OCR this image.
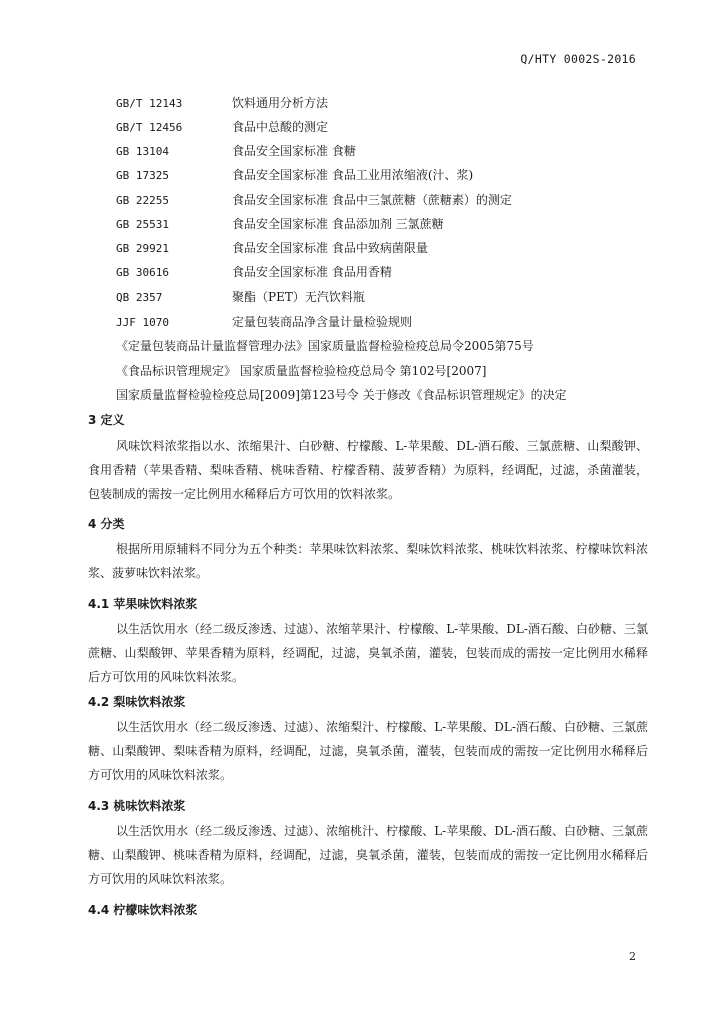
Q/HTY 0002S-2016
GB/T 12143	饮料通用分析方法
GB/T 12456	食品中总酸的测定
GB 13104	食品安全国家标准 食糖
GB 17325	食品安全国家标准 食品工业用浓缩液(汁、浆)
GB 22255	食品安全国家标准 食品中三氯蔗糖（蔗糖素）的测定
GB 25531	食品安全国家标准 食品添加剂 三氯蔗糖
GB 29921	食品安全国家标准 食品中致病菌限量
GB 30616	食品安全国家标准 食品用香精
QB 2357	聚酯（PET）无汽饮料瓶
JJF 1070	定量包装商品净含量计量检验规则
《定量包装商品计量监督管理办法》国家质量监督检验检疫总局令2005第75号
《食品标识管理规定》 国家质量监督检验检疫总局令 第102号[2007]
国家质量监督检验检疫总局[2009]第123号令 关于修改《食品标识管理规定》的决定
3 定义

风味饮料浓浆指以水、浓缩果汁、白砂糖、柠檬酸、L-苹果酸、DL-酒石酸、三氯蔗糖、山梨酸钾、食用香精（苹果香精、梨味香精、桃味香精、柠檬香精、菠萝香精）为原料，经调配，过滤，杀菌灌装，包装制成的需按一定比例用水稀释后方可饮用的饮料浓浆。

4 分类

根据所用原辅料不同分为五个种类：苹果味饮料浓浆、梨味饮料浓浆、桃味饮料浓浆、柠檬味饮料浓浆、菠萝味饮料浓浆。

4.1 苹果味饮料浓浆

以生活饮用水（经二级反渗透、过滤）、浓缩苹果汁、柠檬酸、L-苹果酸、DL-酒石酸、白砂糖、三氯蔗糖、山梨酸钾、苹果香精为原料，经调配，过滤，臭氧杀菌，灌装，包装而成的需按一定比例用水稀释后方可饮用的风味饮料浓浆。

4.2 梨味饮料浓浆

以生活饮用水（经二级反渗透、过滤）、浓缩梨汁、柠檬酸、L-苹果酸、DL-酒石酸、白砂糖、三氯蔗糖、山梨酸钾、梨味香精为原料，经调配，过滤，臭氧杀菌，灌装，包装而成的需按一定比例用水稀释后方可饮用的风味饮料浓浆。

4.3 桃味饮料浓浆

以生活饮用水（经二级反渗透、过滤）、浓缩桃汁、柠檬酸、L-苹果酸、DL-酒石酸、白砂糖、三氯蔗糖、山梨酸钾、桃味香精为原料，经调配，过滤，臭氧杀菌，灌装，包装而成的需按一定比例用水稀释后方可饮用的风味饮料浓浆。

4.4 柠檬味饮料浓浆
2
